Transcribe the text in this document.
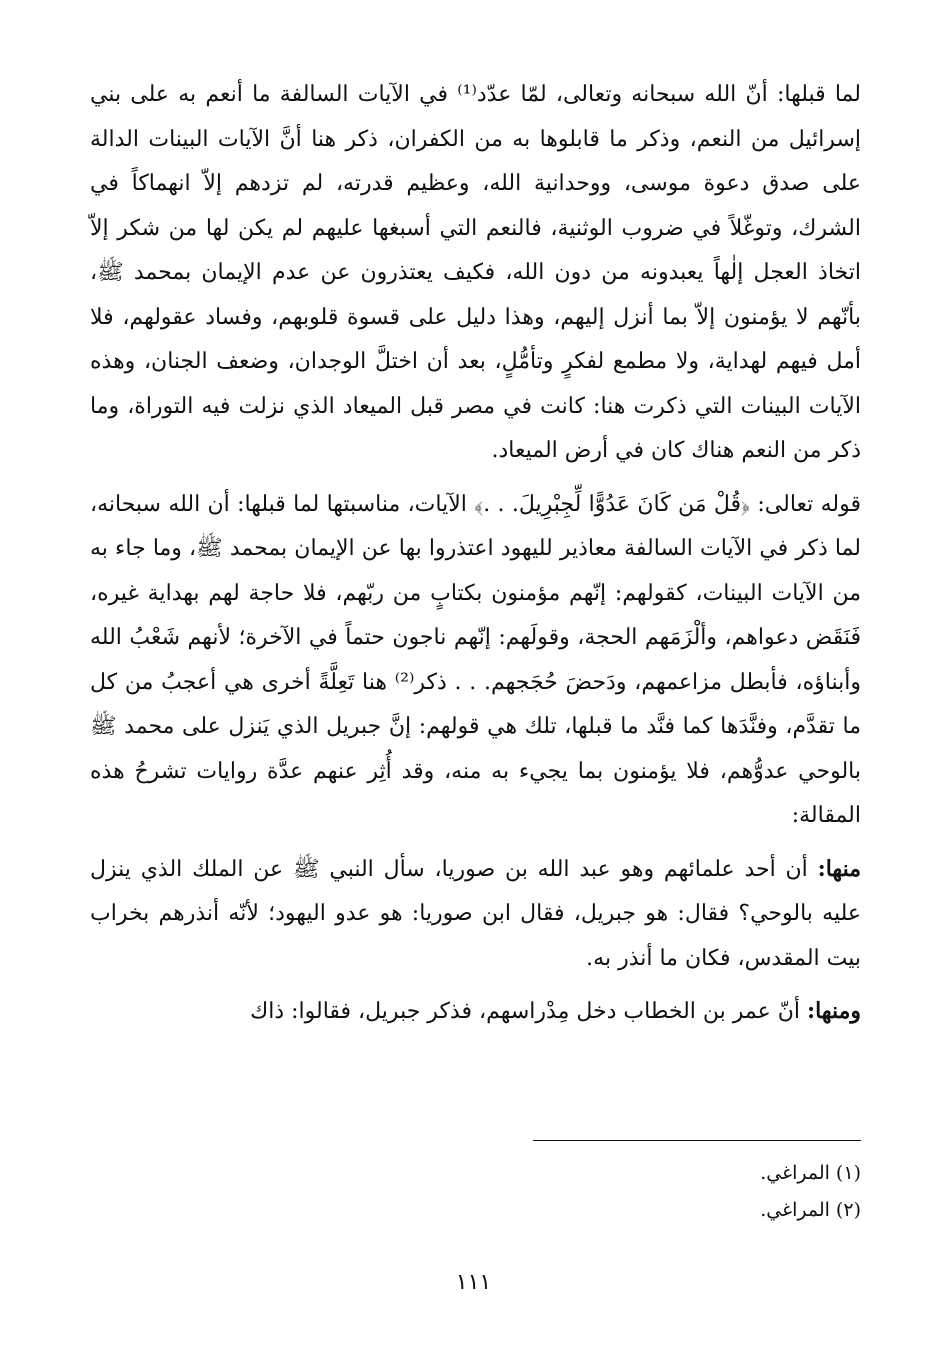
لما قبلها: أنّ الله سبحانه وتعالى، لمّا عدّد⁽¹⁾ في الآيات السالفة ما أنعم به على بني إسرائيل من النعم، وذكر ما قابلوها به من الكفران، ذكر هنا أنَّ الآيات البينات الدالة على صدق دعوة موسى، ووحدانية الله، وعظيم قدرته، لم تزدهم إلاّ انهماكاً في الشرك، وتوغّلاً في ضروب الوثنية، فالنعم التي أسبغها عليهم لم يكن لها من شكر إلاّ اتخاذ العجل إلٰهاً يعبدونه من دون الله، فكيف يعتذرون عن عدم الإيمان بمحمد ﷺ، بأنّهم لا يؤمنون إلاّ بما أنزل إليهم، وهذا دليل على قسوة قلوبهم، وفساد عقولهم، فلا أمل فيهم لهداية، ولا مطمع لفكرٍ وتأمُّلٍ، بعد أن اختلَّ الوجدان، وضعف الجنان، وهذه الآيات البينات التي ذكرت هنا: كانت في مصر قبل الميعاد الذي نزلت فيه التوراة، وما ذكر من النعم هناك كان في أرض الميعاد.

قوله تعالى: ﴿قُلْ مَن كَانَ عَدُوًّا لِّجِبْرِيلَ. . .﴾ الآيات، مناسبتها لما قبلها: أن الله سبحانه، لما ذكر في الآيات السالفة معاذير لليهود اعتذروا بها عن الإيمان بمحمد ﷺ، وما جاء به من الآيات البينات، كقولهم: إنّهم مؤمنون بكتابٍ من ربّهم، فلا حاجة لهم بهداية غيره، فَنَقَض دعواهم، وألْزَمَهم الحجة، وقولَهم: إنّهم ناجون حتماً في الآخرة؛ لأنهم شَعْبُ الله وأبناؤه، فأبطل مزاعمهم، ودَحضَ حُجَجهم. . . ذكر⁽²⁾ هنا تَعِلَّةً أخرى هي أعجبُ من كل ما تقدَّم، وفنَّدَها كما فنَّد ما قبلها، تلك هي قولهم: إنَّ جبريل الذي يَنزل على محمد ﷺ بالوحي عدوُّهم، فلا يؤمنون بما يجيء به منه، وقد أُثِر عنهم عدَّة روايات تشرحُ هذه المقالة:

منها: أن أحد علمائهم وهو عبد الله بن صوريا، سأل النبي ﷺ عن الملك الذي ينزل عليه بالوحي؟ فقال: هو جبريل، فقال ابن صوريا: هو عدو اليهود؛ لأنّه أنذرهم بخراب بيت المقدس، فكان ما أنذر به.

ومنها: أنّ عمر بن الخطاب دخل مِدْراسهم، فذكر جبريل، فقالوا: ذاك

(١) المراغي.
(٢) المراغي.
١١١
